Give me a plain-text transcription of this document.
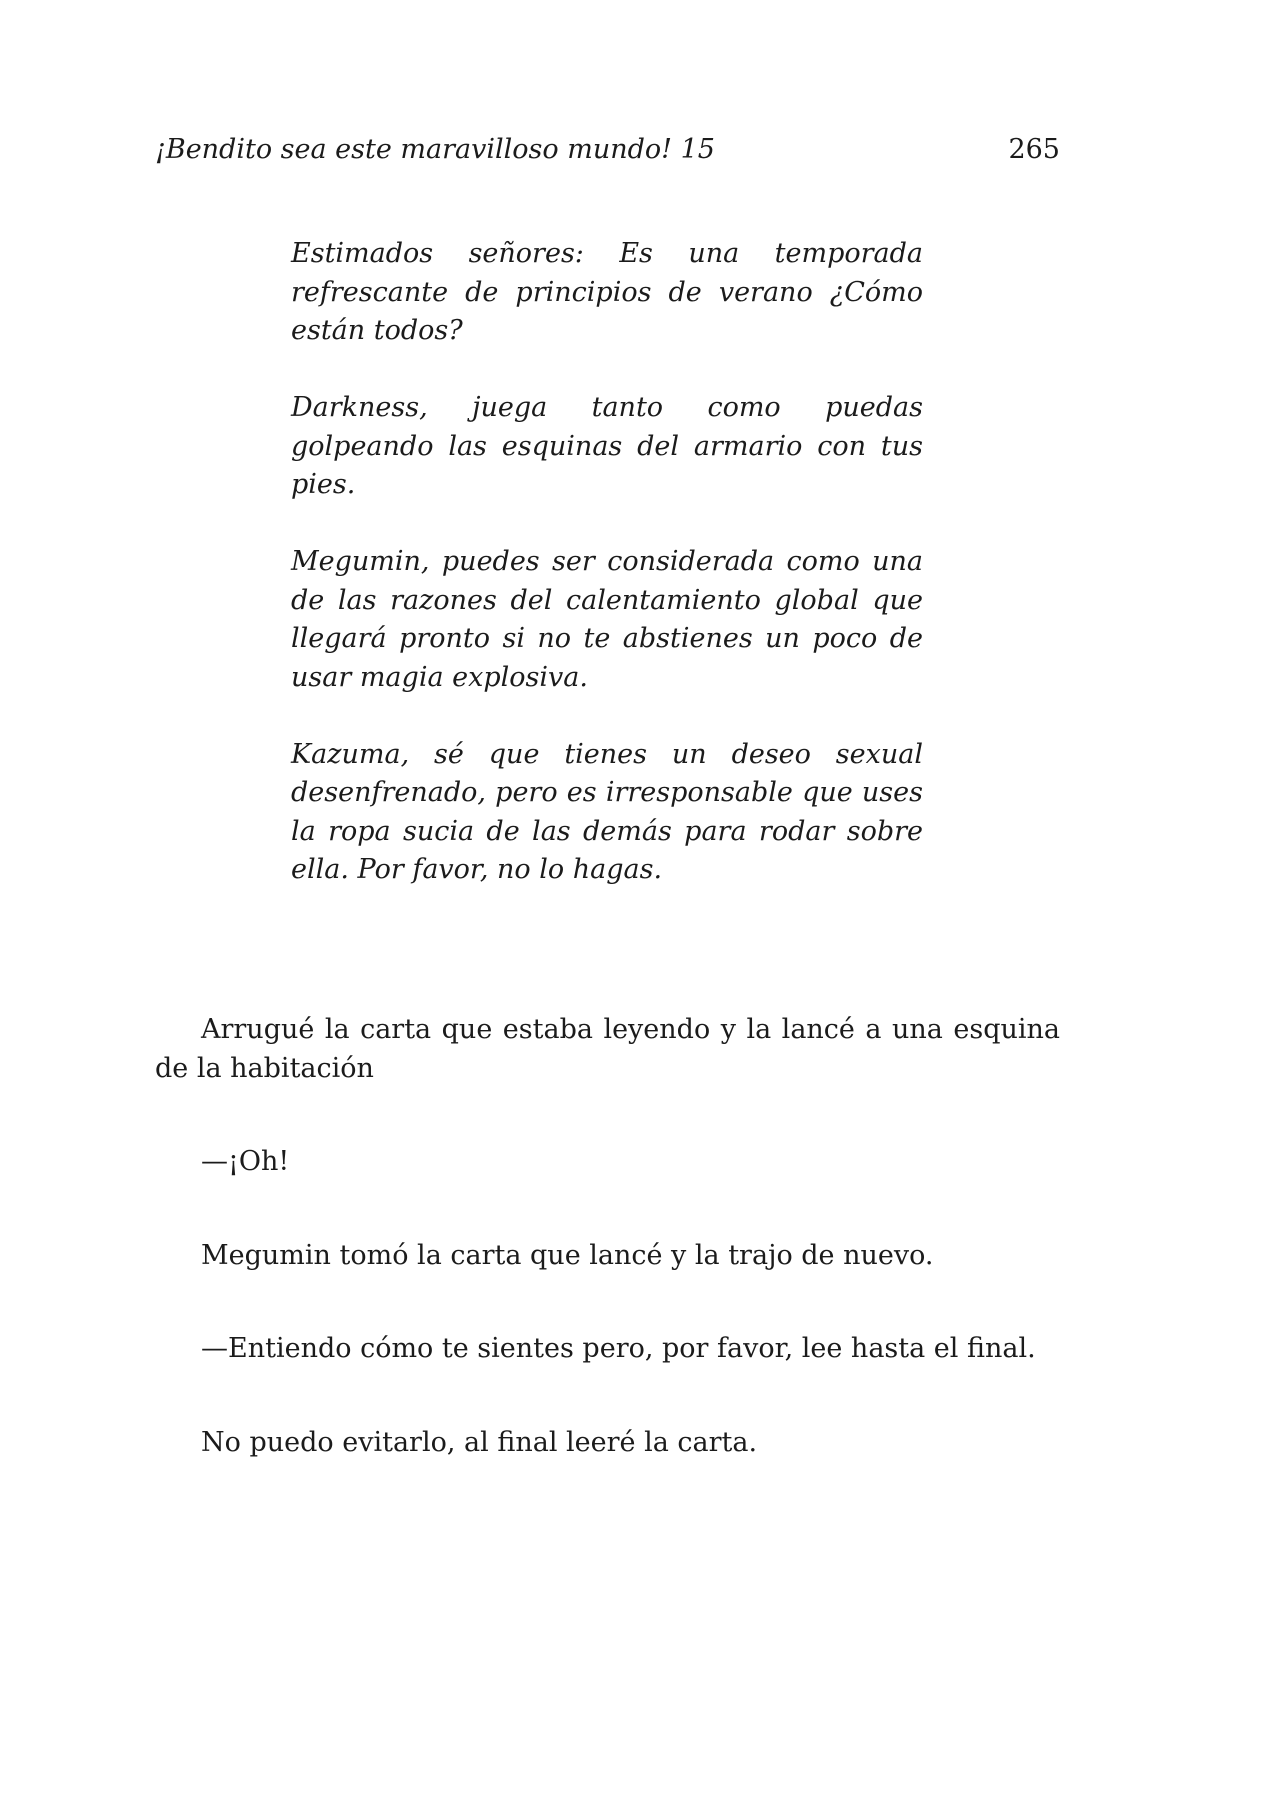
¡Bendito sea este maravilloso mundo! 15	265

Estimados señores: Es una temporada refrescante de principios de verano ¿Cómo están todos?

Darkness, juega tanto como puedas golpeando las esquinas del armario con tus pies.

Megumin, puedes ser considerada como una de las razones del calentamiento global que llegará pronto si no te abstienes un poco de usar magia explosiva.

Kazuma, sé que tienes un deseo sexual desenfrenado, pero es irresponsable que uses la ropa sucia de las demás para rodar sobre ella. Por favor, no lo hagas.

Arrugué la carta que estaba leyendo y la lancé a una esquina de la habitación

—¡Oh!

Megumin tomó la carta que lancé y la trajo de nuevo.

—Entiendo cómo te sientes pero, por favor, lee hasta el final.

No puedo evitarlo, al final leeré la carta.
